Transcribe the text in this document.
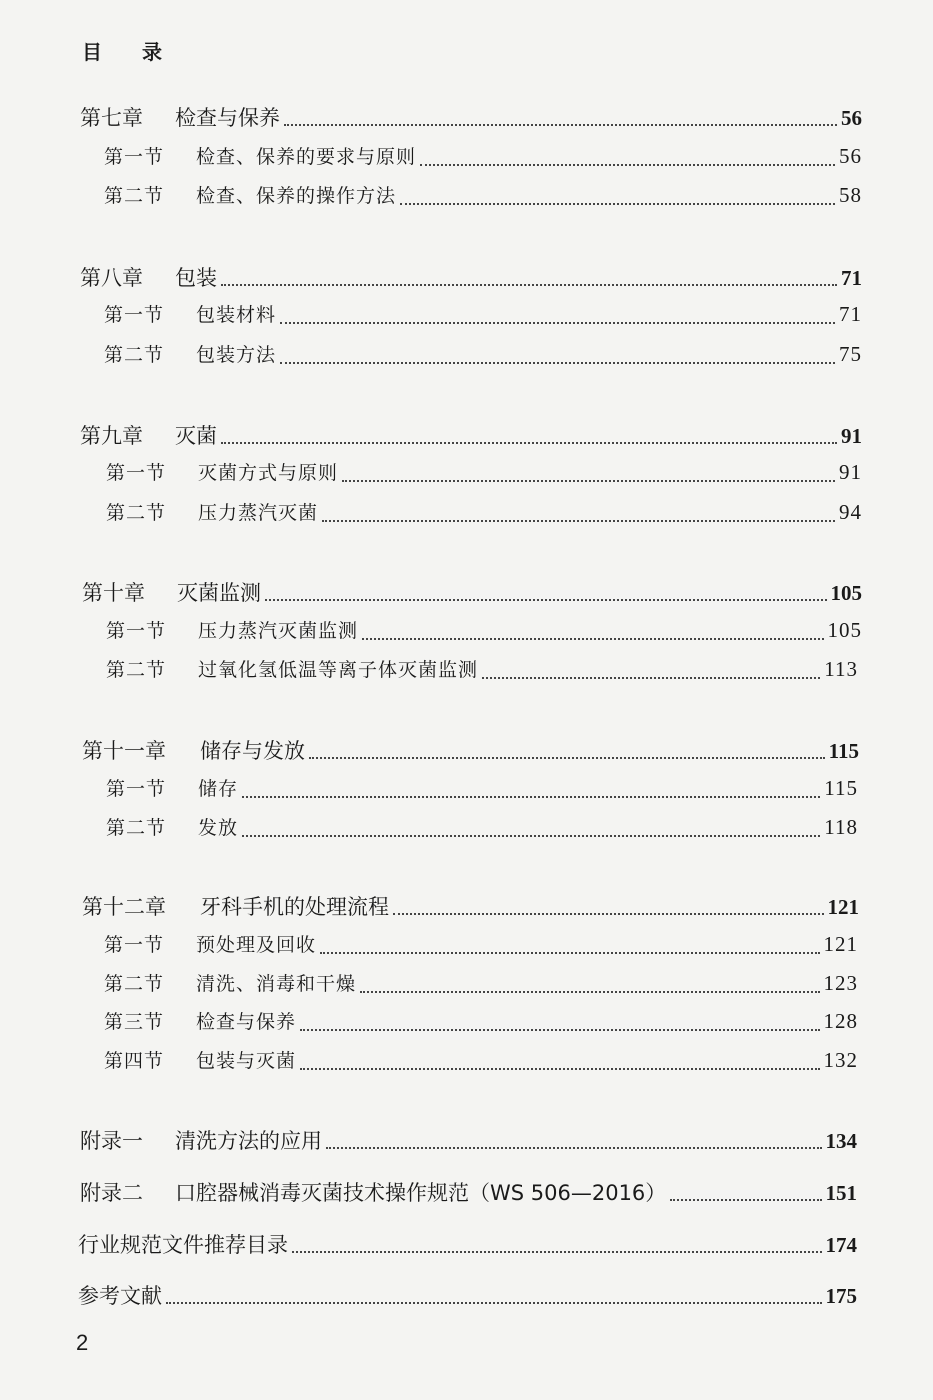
目录
第七章	检查与保养	56
第一节	检查、保养的要求与原则	56
第二节	检查、保养的操作方法	58
第八章	包装	71
第一节	包装材料	71
第二节	包装方法	75
第九章	灭菌	91
第一节	灭菌方式与原则	91
第二节	压力蒸汽灭菌	94
第十章	灭菌监测	105
第一节	压力蒸汽灭菌监测	105
第二节	过氧化氢低温等离子体灭菌监测	113
第十一章	储存与发放	115
第一节	储存	115
第二节	发放	118
第十二章	牙科手机的处理流程	121
第一节	预处理及回收	121
第二节	清洗、消毒和干燥	123
第三节	检查与保养	128
第四节	包装与灭菌	132
附录一	清洗方法的应用	134
附录二	口腔器械消毒灭菌技术操作规范（WS 506—2016）	151
行业规范文件推荐目录	174
参考文献	175
2
